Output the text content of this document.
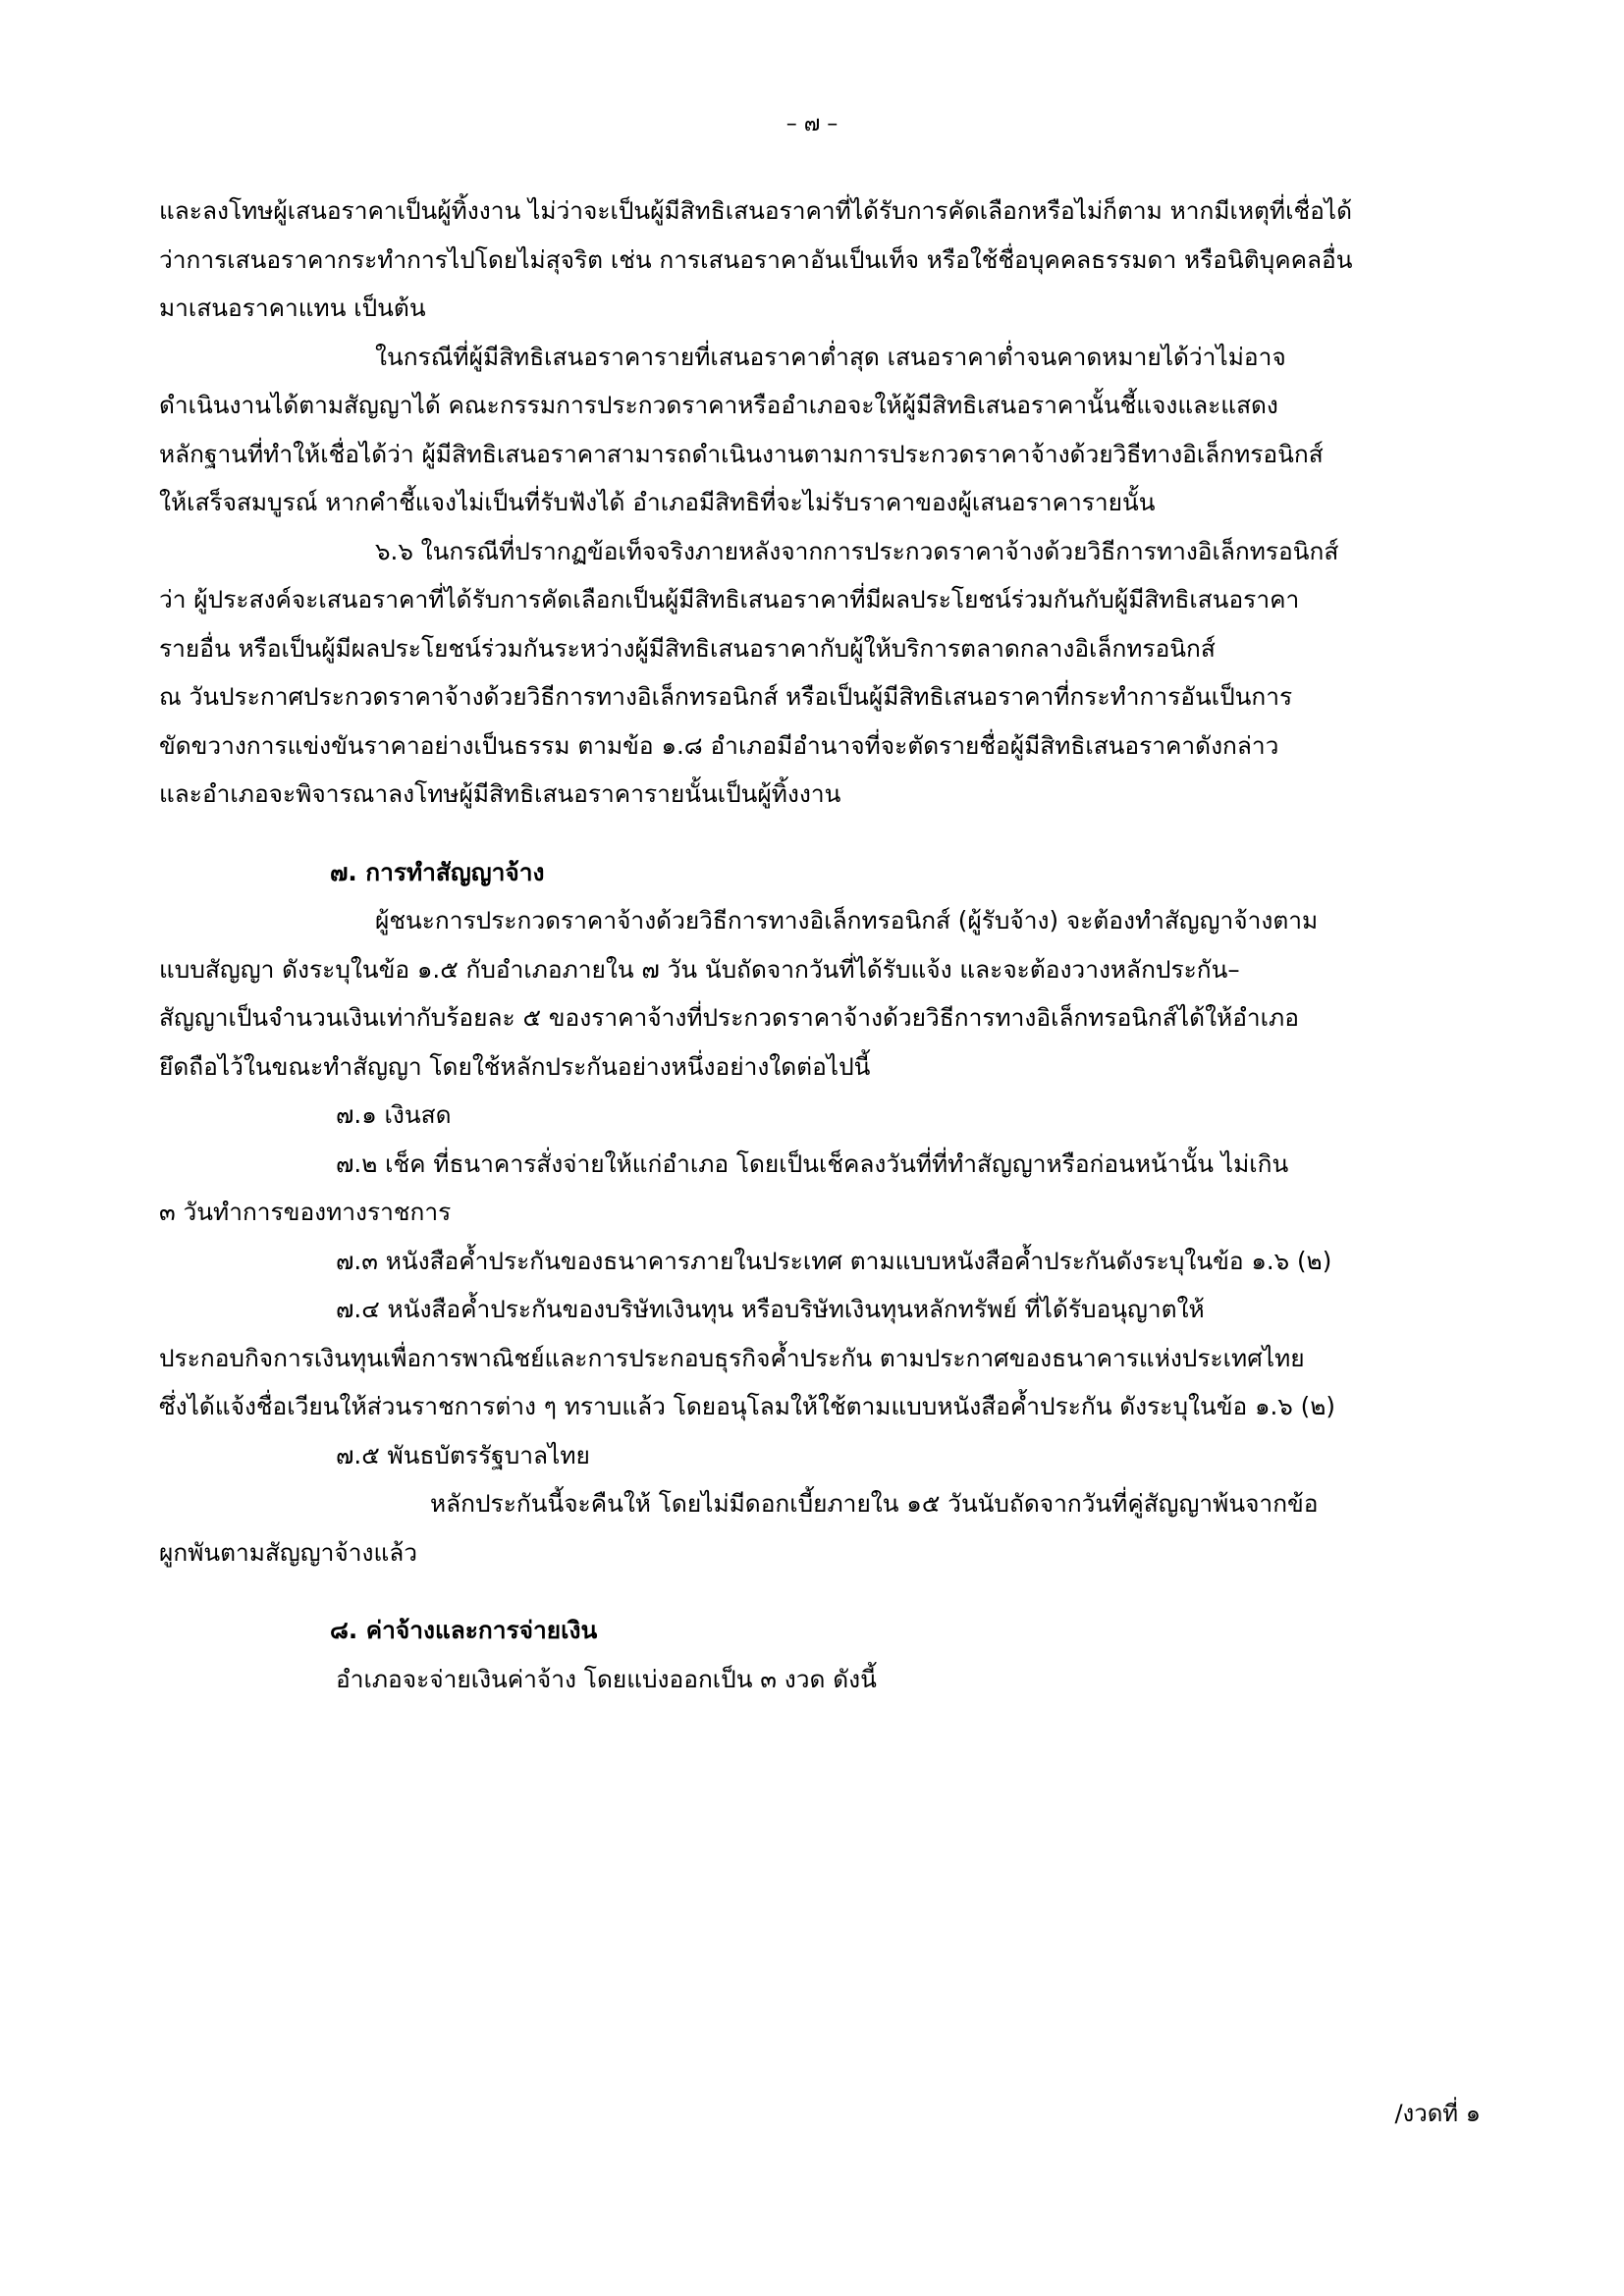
– ๗ –
และลงโทษผู้เสนอราคาเป็นผู้ทิ้งงาน ไม่ว่าจะเป็นผู้มีสิทธิเสนอราคาที่ได้รับการคัดเลือกหรือไม่ก็ตาม หากมีเหตุที่เชื่อได้
ว่าการเสนอราคากระทำการไปโดยไม่สุจริต เช่น การเสนอราคาอันเป็นเท็จ หรือใช้ชื่อบุคคลธรรมดา หรือนิติบุคคลอื่น
มาเสนอราคาแทน เป็นต้น
ในกรณีที่ผู้มีสิทธิเสนอราคารายที่เสนอราคาต่ำสุด เสนอราคาต่ำจนคาดหมายได้ว่าไม่อาจ
ดำเนินงานได้ตามสัญญาได้ คณะกรรมการประกวดราคาหรืออำเภอจะให้ผู้มีสิทธิเสนอราคานั้นชี้แจงและแสดง
หลักฐานที่ทำให้เชื่อได้ว่า ผู้มีสิทธิเสนอราคาสามารถดำเนินงานตามการประกวดราคาจ้างด้วยวิธีทางอิเล็กทรอนิกส์
ให้เสร็จสมบูรณ์ หากคำชี้แจงไม่เป็นที่รับฟังได้ อำเภอมีสิทธิที่จะไม่รับราคาของผู้เสนอราคารายนั้น
๖.๖ ในกรณีที่ปรากฏข้อเท็จจริงภายหลังจากการประกวดราคาจ้างด้วยวิธีการทางอิเล็กทรอนิกส์
ว่า ผู้ประสงค์จะเสนอราคาที่ได้รับการคัดเลือกเป็นผู้มีสิทธิเสนอราคาที่มีผลประโยชน์ร่วมกันกับผู้มีสิทธิเสนอราคา
รายอื่น หรือเป็นผู้มีผลประโยชน์ร่วมกันระหว่างผู้มีสิทธิเสนอราคากับผู้ให้บริการตลาดกลางอิเล็กทรอนิกส์
ณ วันประกาศประกวดราคาจ้างด้วยวิธีการทางอิเล็กทรอนิกส์ หรือเป็นผู้มีสิทธิเสนอราคาที่กระทำการอันเป็นการ
ขัดขวางการแข่งขันราคาอย่างเป็นธรรม ตามข้อ ๑.๘ อำเภอมีอำนาจที่จะตัดรายชื่อผู้มีสิทธิเสนอราคาดังกล่าว
และอำเภอจะพิจารณาลงโทษผู้มีสิทธิเสนอราคารายนั้นเป็นผู้ทิ้งงาน
๗. การทำสัญญาจ้าง
ผู้ชนะการประกวดราคาจ้างด้วยวิธีการทางอิเล็กทรอนิกส์ (ผู้รับจ้าง) จะต้องทำสัญญาจ้างตาม
แบบสัญญา ดังระบุในข้อ ๑.๕ กับอำเภอภายใน ๗ วัน นับถัดจากวันที่ได้รับแจ้ง และจะต้องวางหลักประกัน–
สัญญาเป็นจำนวนเงินเท่ากับร้อยละ ๕ ของราคาจ้างที่ประกวดราคาจ้างด้วยวิธีการทางอิเล็กทรอนิกส์ได้ให้อำเภอ
ยึดถือไว้ในขณะทำสัญญา โดยใช้หลักประกันอย่างหนึ่งอย่างใดต่อไปนี้
๗.๑ เงินสด
๗.๒ เช็ค ที่ธนาคารสั่งจ่ายให้แก่อำเภอ โดยเป็นเช็คลงวันที่ที่ทำสัญญาหรือก่อนหน้านั้น ไม่เกิน
๓ วันทำการของทางราชการ
๗.๓ หนังสือค้ำประกันของธนาคารภายในประเทศ ตามแบบหนังสือค้ำประกันดังระบุในข้อ ๑.๖ (๒)
๗.๔ หนังสือค้ำประกันของบริษัทเงินทุน หรือบริษัทเงินทุนหลักทรัพย์ ที่ได้รับอนุญาตให้
ประกอบกิจการเงินทุนเพื่อการพาณิชย์และการประกอบธุรกิจค้ำประกัน ตามประกาศของธนาคารแห่งประเทศไทย
ซึ่งได้แจ้งชื่อเวียนให้ส่วนราชการต่าง ๆ ทราบแล้ว โดยอนุโลมให้ใช้ตามแบบหนังสือค้ำประกัน ดังระบุในข้อ ๑.๖ (๒)
๗.๕ พันธบัตรรัฐบาลไทย
หลักประกันนี้จะคืนให้ โดยไม่มีดอกเบี้ยภายใน ๑๕ วันนับถัดจากวันที่คู่สัญญาพ้นจากข้อ
ผูกพันตามสัญญาจ้างแล้ว
๘. ค่าจ้างและการจ่ายเงิน
อำเภอจะจ่ายเงินค่าจ้าง โดยแบ่งออกเป็น ๓ งวด ดังนี้
/งวดที่ ๑
